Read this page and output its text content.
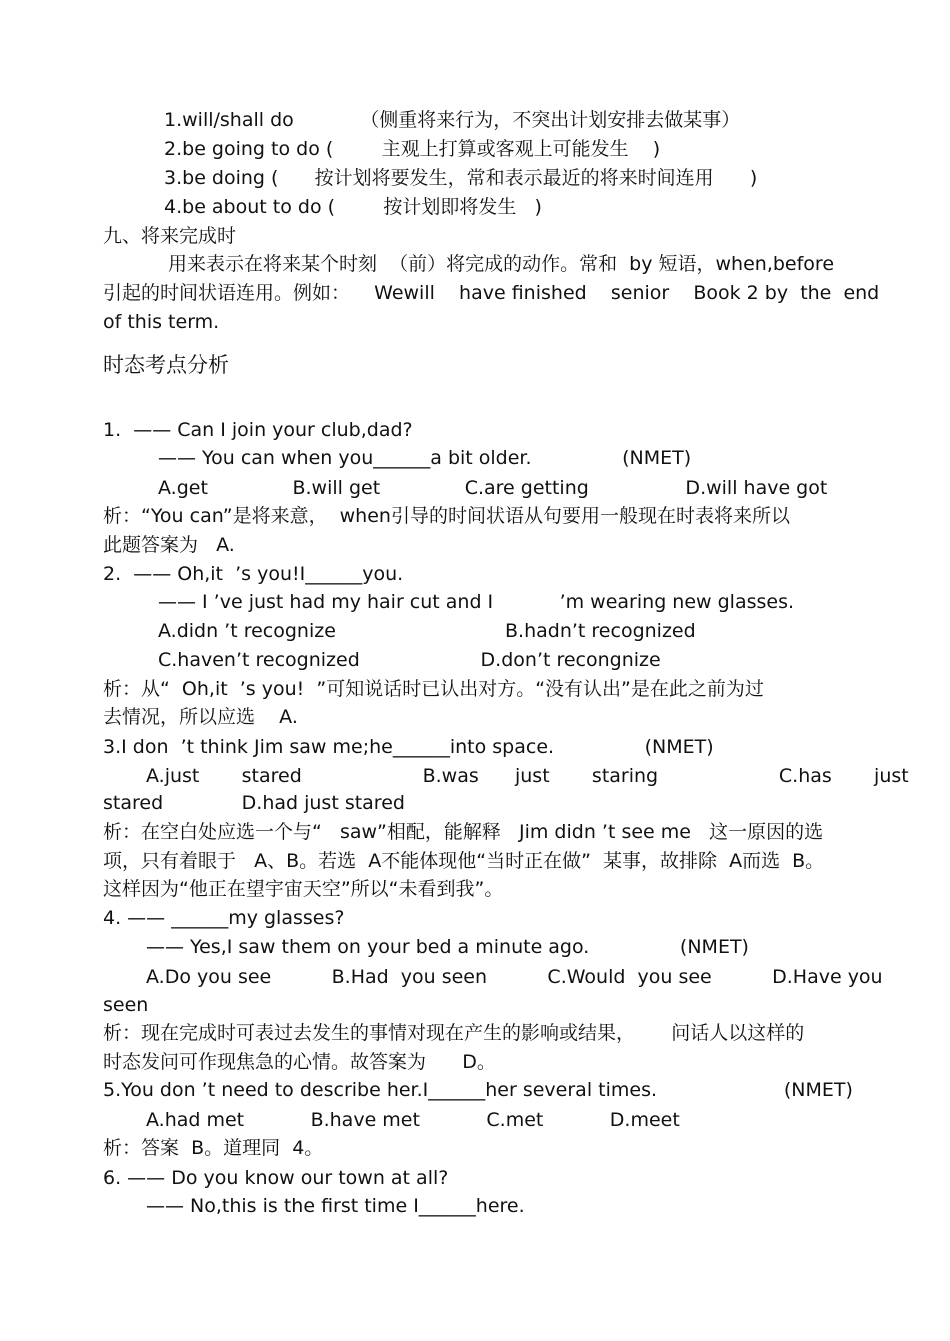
1.will/shall do           （侧重将来行为，不突出计划安排去做某事）
2.be going to do (        主观上打算或客观上可能发生    )
3.be doing (      按计划将要发生，常和表示最近的将来时间连用      )
4.be about to do (        按计划即将发生   )
九、将来完成时
用来表示在将来某个时刻  （前）将完成的动作。常和  by 短语，when,before
引起的时间状语连用。例如：    Wewill    have finished    senior    Book 2 by  the  end
of this term.
时态考点分析
1.  —— Can I join your club,dad?
—— You can when you______a bit older.               (NMET)
A.get              B.will get              C.are getting                D.will have got
析：“You can”是将来意，  when引导的时间状语从句要用一般现在时表将来所以
此题答案为   A.
2.  —— Oh,it  ’s you!I______you.
—— I ’ve just had my hair cut and I           ’m wearing new glasses.
A.didn ’t recognize                            B.hadn’t recognized
C.haven’t recognized                    D.don’t recongnize
析：从“  Oh,it  ’s you!  ”可知说话时已认出对方。“没有认出”是在此之前为过
去情况，所以应选    A.
3.I don  ’t think Jim saw me;he______into space.               (NMET)
A.just       stared                    B.was      just       staring                    C.has       just
stared             D.had just stared
析：在空白处应选一个与“   saw”相配，能解释   Jim didn ’t see me   这一原因的选
项，只有着眼于   A、B。若选  A不能体现他“当时正在做”  某事，故排除  A而选  B。
这样因为“他正在望宇宙天空”所以“未看到我”。
4. —— ______my glasses?
—— Yes,I saw them on your bed a minute ago.               (NMET)
A.Do you see          B.Had  you seen          C.Would  you see          D.Have you
seen
析：现在完成时可表过去发生的事情对现在产生的影响或结果，      问话人以这样的
时态发问可作现焦急的心情。故答案为      D。
5.You don ’t need to describe her.I______her several times.                     (NMET)
A.had met           B.have met           C.met           D.meet
析：答案  B。道理同  4。
6. —— Do you know our town at all?
—— No,this is the first time I______here.
